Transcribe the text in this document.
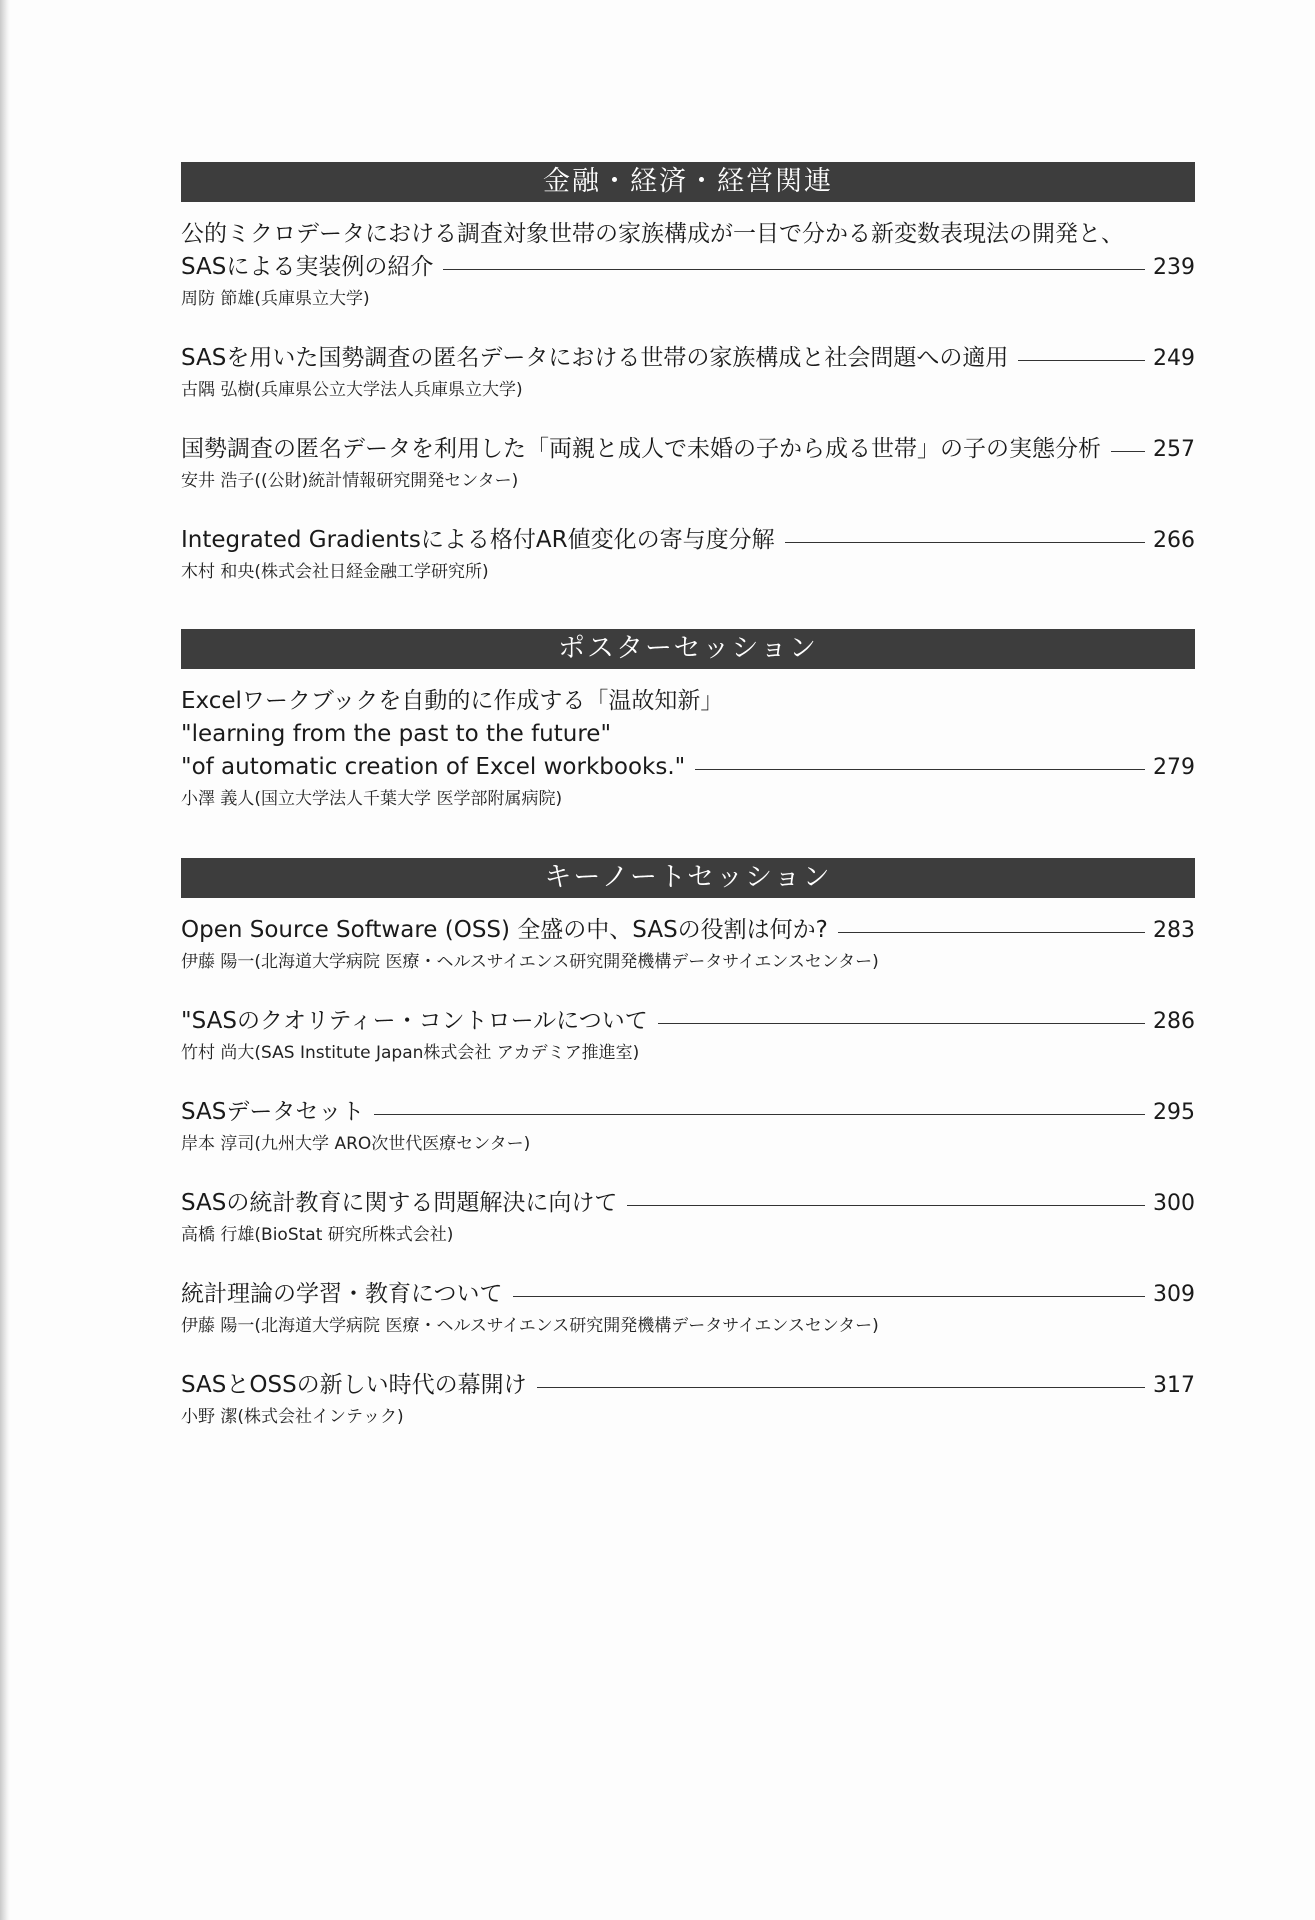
金融・経済・経営関連
公的ミクロデータにおける調査対象世帯の家族構成が一目で分かる新変数表現法の開発と、
SASによる実装例の紹介	239
周防 節雄(兵庫県立大学)
SASを用いた国勢調査の匿名データにおける世帯の家族構成と社会問題への適用	249
古隅 弘樹(兵庫県公立大学法人兵庫県立大学)
国勢調査の匿名データを利用した「両親と成人で未婚の子から成る世帯」の子の実態分析 257
安井 浩子((公財)統計情報研究開発センター)
Integrated Gradientsによる格付AR値変化の寄与度分解	266
木村 和央(株式会社日経金融工学研究所)
ポスターセッション
Excelワークブックを自動的に作成する「温故知新」
"learning from the past to the future"
"of automatic creation of Excel workbooks."	279
小澤 義人(国立大学法人千葉大学 医学部附属病院)
キーノートセッション
Open Source Software (OSS) 全盛の中、SASの役割は何か?	283
伊藤 陽一(北海道大学病院 医療・ヘルスサイエンス研究開発機構データサイエンスセンター)
"SASのクオリティー・コントロールについて	286
竹村 尚大(SAS Institute Japan株式会社 アカデミア推進室)
SASデータセット	295
岸本 淳司(九州大学 ARO次世代医療センター)
SASの統計教育に関する問題解決に向けて	300
高橋 行雄(BioStat 研究所株式会社)
統計理論の学習・教育について	309
伊藤 陽一(北海道大学病院 医療・ヘルスサイエンス研究開発機構データサイエンスセンター)
SASとOSSの新しい時代の幕開け	317
小野 潔(株式会社インテック)
